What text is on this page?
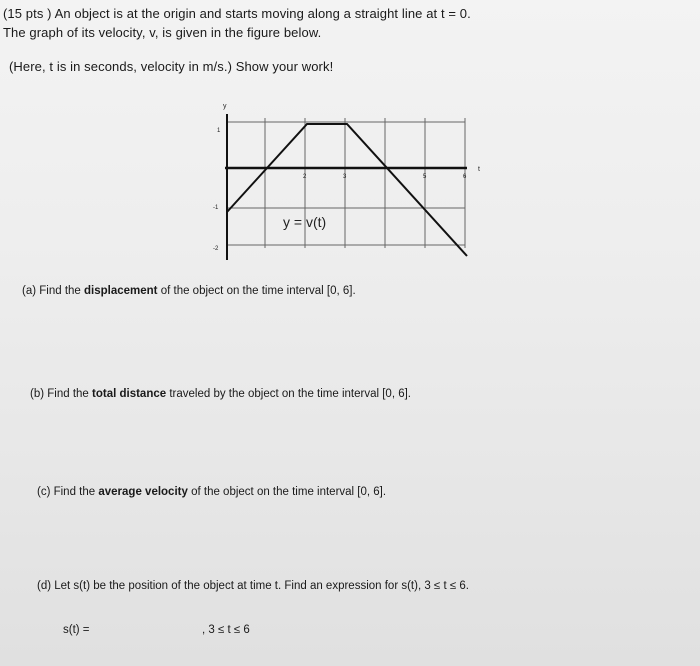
(15 pts ) An object is at the origin and starts moving along a straight line at t = 0.
The graph of its velocity, v, is given in the figure below.
(Here, t is in seconds, velocity in m/s.) Show your work!
y
t
1
-1
-2
2	3	5	6
y = v(t)
(a) Find the displacement of the object on the time interval [0, 6].
(b) Find the total distance traveled by the object on the time interval [0, 6].
(c) Find the average velocity of the object on the time interval [0, 6].
(d) Let s(t) be the position of the object at time t. Find an expression for s(t), 3 ≤ t ≤ 6.
s(t) =	, 3 ≤ t ≤ 6
